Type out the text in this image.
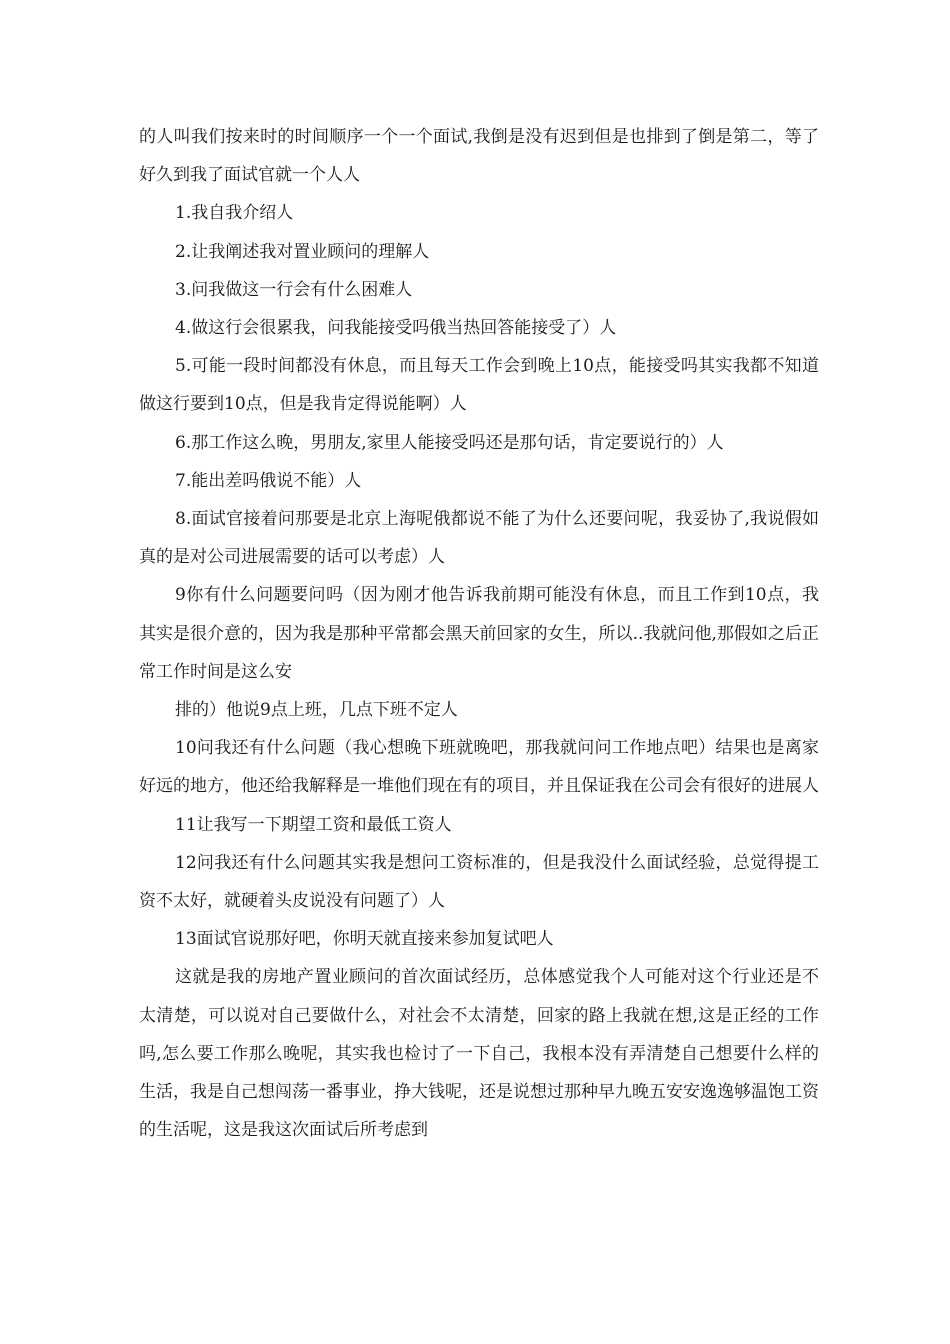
的人叫我们按来时的时间顺序一个一个面试,我倒是没有迟到但是也排到了倒是第二，等了好久到我了面试官就一个人人

1.我自我介绍人

2.让我阐述我对置业顾问的理解人

3.问我做这一行会有什么困难人

4.做这行会很累我，问我能接受吗俄当热回答能接受了）人

5.可能一段时间都没有休息，而且每天工作会到晚上10点，能接受吗其实我都不知道做这行要到10点，但是我肯定得说能啊）人

6.那工作这么晚，男朋友,家里人能接受吗还是那句话，肯定要说行的）人

7.能出差吗俄说不能）人

8.面试官接着问那要是北京上海呢俄都说不能了为什么还要问呢，我妥协了,我说假如真的是对公司进展需要的话可以考虑）人

9你有什么问题要问吗（因为刚才他告诉我前期可能没有休息，而且工作到10点，我其实是很介意的，因为我是那种平常都会黑天前回家的女生，所以..我就问他,那假如之后正常工作时间是这么安

排的）他说9点上班，几点下班不定人

10问我还有什么问题（我心想晚下班就晚吧，那我就问问工作地点吧）结果也是离家好远的地方，他还给我解释是一堆他们现在有的项目，并且保证我在公司会有很好的进展人

11让我写一下期望工资和最低工资人

12问我还有什么问题其实我是想问工资标准的，但是我没什么面试经验，总觉得提工资不太好，就硬着头皮说没有问题了）人

13面试官说那好吧，你明天就直接来参加复试吧人

这就是我的房地产置业顾问的首次面试经历，总体感觉我个人可能对这个行业还是不太清楚，可以说对自己要做什么，对社会不太清楚，回家的路上我就在想,这是正经的工作吗,怎么要工作那么晚呢，其实我也检讨了一下自己，我根本没有弄清楚自己想要什么样的生活，我是自己想闯荡一番事业，挣大钱呢，还是说想过那种早九晚五安安逸逸够温饱工资的生活呢，这是我这次面试后所考虑到
